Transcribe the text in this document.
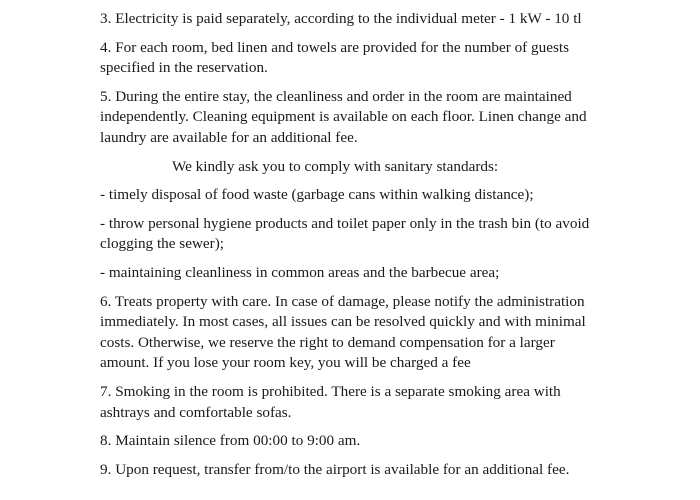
3. Electricity is paid separately, according to the individual meter - 1 kW - 10 tl

4. For each room, bed linen and towels are provided for the number of guests
specified in the reservation.

5. During the entire stay, the cleanliness and order in the room are maintained
independently. Cleaning equipment is available on each floor. Linen change and
laundry are available for an additional fee.

We kindly ask you to comply with sanitary standards:

- timely disposal of food waste (garbage cans within walking distance);

- throw personal hygiene products and toilet paper only in the trash bin (to avoid
clogging the sewer);

- maintaining cleanliness in common areas and the barbecue area;

6. Treats property with care. In case of damage, please notify the administration
immediately. In most cases, all issues can be resolved quickly and with minimal
costs. Otherwise, we reserve the right to demand compensation for a larger
amount. If you lose your room key, you will be charged a fee

7. Smoking in the room is prohibited. There is a separate smoking area with
ashtrays and comfortable sofas.

8. Maintain silence from 00:00 to 9:00 am.

9. Upon request, transfer from/to the airport is available for an additional fee.
